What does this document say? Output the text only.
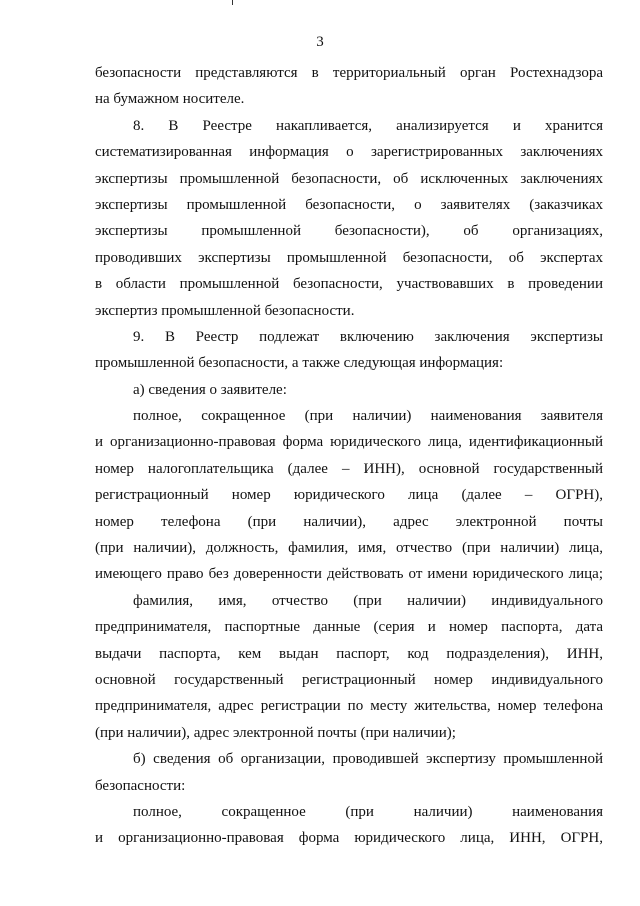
3
безопасности представляются в территориальный орган Ростехнадзора
на бумажном носителе.
8. В Реестре накапливается, анализируется и хранится
систематизированная информация о зарегистрированных заключениях
экспертизы промышленной безопасности, об исключенных заключениях
экспертизы промышленной безопасности, о заявителях (заказчиках
экспертизы промышленной безопасности), об организациях,
проводивших экспертизы промышленной безопасности, об экспертах
в области промышленной безопасности, участвовавших в проведении
экспертиз промышленной безопасности.
9. В Реестр подлежат включению заключения экспертизы
промышленной безопасности, а также следующая информация:
а) сведения о заявителе:
полное, сокращенное (при наличии) наименования заявителя
и организационно-правовая форма юридического лица, идентификационный
номер налогоплательщика (далее – ИНН), основной государственный
регистрационный номер юридического лица (далее – ОГРН),
номер телефона (при наличии), адрес электронной почты
(при наличии), должность, фамилия, имя, отчество (при наличии) лица,
имеющего право без доверенности действовать от имени юридического лица;
фамилия, имя, отчество (при наличии) индивидуального
предпринимателя, паспортные данные (серия и номер паспорта, дата
выдачи паспорта, кем выдан паспорт, код подразделения), ИНН,
основной государственный регистрационный номер индивидуального
предпринимателя, адрес регистрации по месту жительства, номер телефона
(при наличии), адрес электронной почты (при наличии);
б) сведения об организации, проводившей экспертизу промышленной
безопасности:
полное, сокращенное (при наличии) наименования
и организационно-правовая форма юридического лица, ИНН, ОГРН,
